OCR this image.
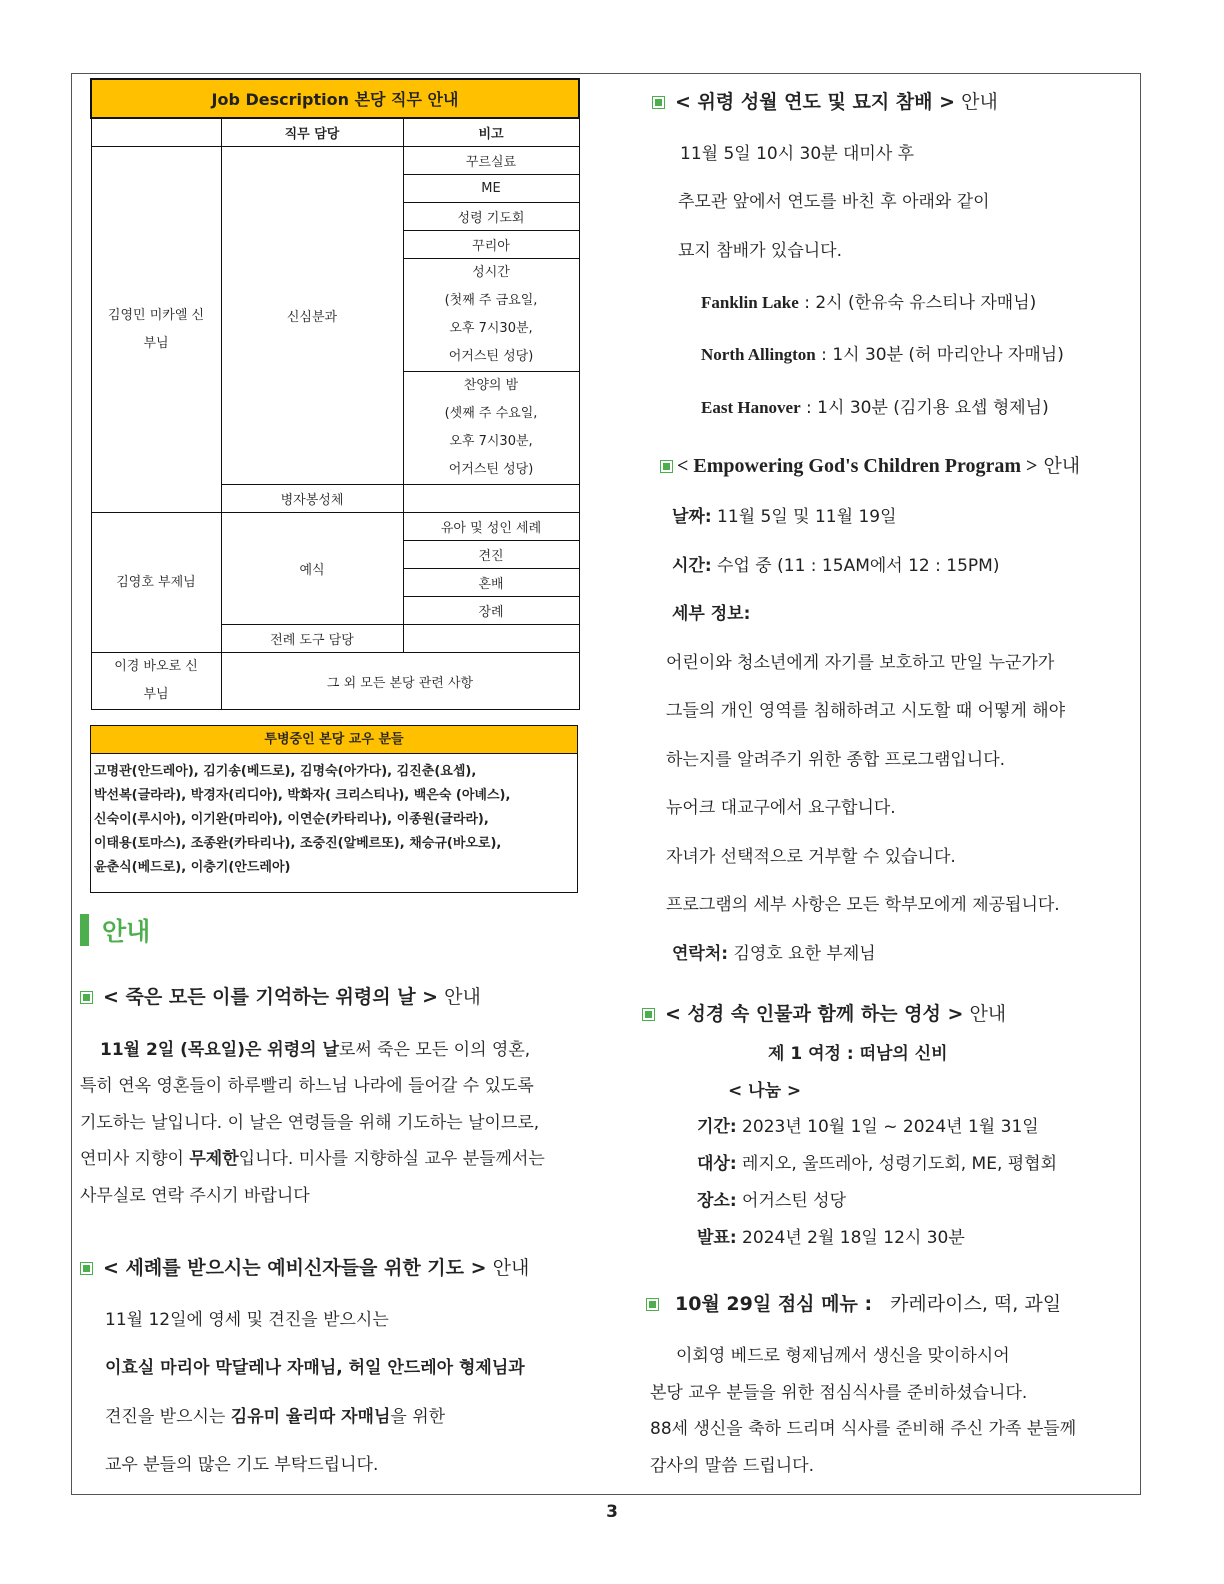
Job Description 본당 직무 안내		
	직무 담당	비고
김영민 미카엘 신부님	신심분과	꾸르실료
		ME
		성령 기도회
		꾸리아

		성시간
(첫째 주 금요일,
오후 7시30분,
어거스틴 성당)

		찬양의 밤
(셋째 주 수요일,
오후 7시30분,
어거스틴 성당)

	병자봉성체	
김영호 부제님	예식	유아 및 성인 세례
		견진
		혼배
		장례
	전례 도구 담당	
이경 바오로 신부님	그 외 모든 본당 관련 사항	
투병중인 본당 교우 분들
고명관(안드레아), 김기송(베드로), 김명숙(아가다), 김진춘(요셉),
박선복(글라라), 박경자(리디아), 박화자( 크리스티나), 백은숙 (아녜스),
신숙이(루시아), 이기완(마리아), 이연순(카타리나), 이종원(글라라),
이태용(토마스), 조종완(카타리나), 조중진(알베르또), 채승규(바오로),
윤춘식(베드로), 이충기(안드레아)
안내
< 죽은 모든 이를 기억하는 위령의 날 > 안내
11월 2일 (목요일)은 위령의 날로써 죽은 모든 이의 영혼,
특히 연옥 영혼들이 하루빨리 하느님 나라에 들어갈 수 있도록
기도하는 날입니다. 이 날은 연령들을 위해 기도하는 날이므로,
연미사 지향이 무제한입니다. 미사를 지향하실 교우 분들께서는
사무실로 연락 주시기 바랍니다
< 세례를 받으시는 예비신자들을 위한 기도 > 안내
11월 12일에 영세 및 견진을 받으시는
이효실 마리아 막달레나 자매님, 허일 안드레아 형제님과
견진을 받으시는 김유미 율리따 자매님을 위한
교우 분들의 많은 기도 부탁드립니다.
< 위령 성월 연도 및 묘지 참배 > 안내
11월 5일 10시 30분 대미사 후
추모관 앞에서 연도를 바친 후 아래와 같이
묘지 참배가 있습니다.
Fanklin Lake : 2시 (한유숙 유스티나 자매님)
North Allington : 1시 30분 (허 마리안나 자매님)
East Hanover : 1시 30분 (김기용 요셉 형제님)
< Empowering God's Children Program > 안내
날짜: 11월 5일 및 11월 19일
시간: 수업 중 (11 : 15AM에서 12 : 15PM)
세부 정보:
어린이와 청소년에게 자기를 보호하고 만일 누군가가
그들의 개인 영역를 침해하려고 시도할 때 어떻게 해야
하는지를 알려주기 위한 종합 프로그램입니다.
뉴어크 대교구에서 요구합니다.
자녀가 선택적으로 거부할 수 있습니다.
프로그램의 세부 사항은 모든 학부모에게 제공됩니다.
연락처: 김영호 요한 부제님
< 성경 속 인물과 함께 하는 영성 > 안내
제 1 여정 : 떠남의 신비
< 나눔 >
기간: 2023년 10월 1일 ~ 2024년 1월 31일
대상: 레지오, 울뜨레아, 성령기도회, ME, 평협회
장소: 어거스틴 성당
발표: 2024년 2월 18일 12시 30분
10월 29일 점심 메뉴 : 카레라이스, 떡, 과일
이회영 베드로 형제님께서 생신을 맞이하시어
본당 교우 분들을 위한 점심식사를 준비하셨습니다.
88세 생신을 축하 드리며 식사를 준비해 주신 가족 분들께
감사의 말씀 드립니다.
3
